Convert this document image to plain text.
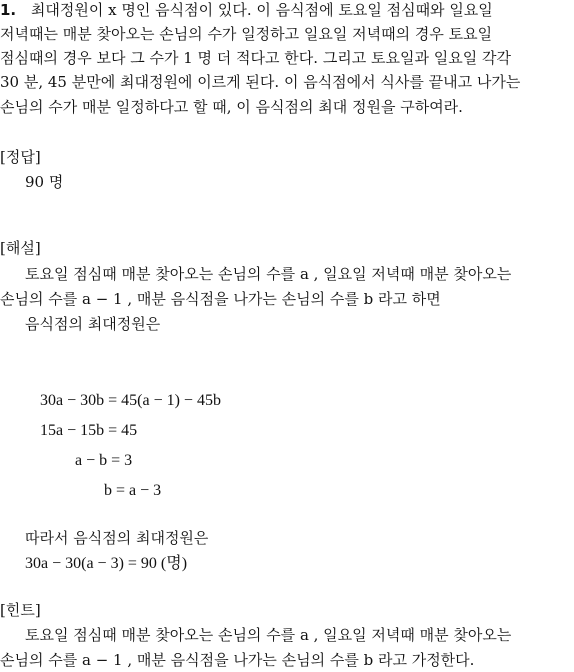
1. 최대정원이 x 명인 음식점이 있다. 이 음식점에 토요일 점심때와 일요일
저녁때는 매분 찾아오는 손님의 수가 일정하고 일요일 저녁때의 경우 토요일
점심때의 경우 보다 그 수가 1 명 더 적다고 한다. 그리고 토요일과 일요일 각각
30 분, 45 분만에 최대정원에 이르게 된다. 이 음식점에서 식사를 끝내고 나가는
손님의 수가 매분 일정하다고 할 때, 이 음식점의 최대 정원을 구하여라.
[정답]
90 명
[해설]
토요일 점심때 매분 찾아오는 손님의 수를 a , 일요일 저녁때 매분 찾아오는
손님의 수를 a − 1 , 매분 음식점을 나가는 손님의 수를 b 라고 하면
음식점의 최대정원은
30a − 30b = 45(a − 1) − 45b
15a − 15b = 45
a − b = 3
b = a − 3
따라서 음식점의 최대정원은
30a − 30(a − 3) = 90 (명)
[힌트]
토요일 점심때 매분 찾아오는 손님의 수를 a , 일요일 저녁때 매분 찾아오는
손님의 수를 a − 1 , 매분 음식점을 나가는 손님의 수를 b 라고 가정한다.
